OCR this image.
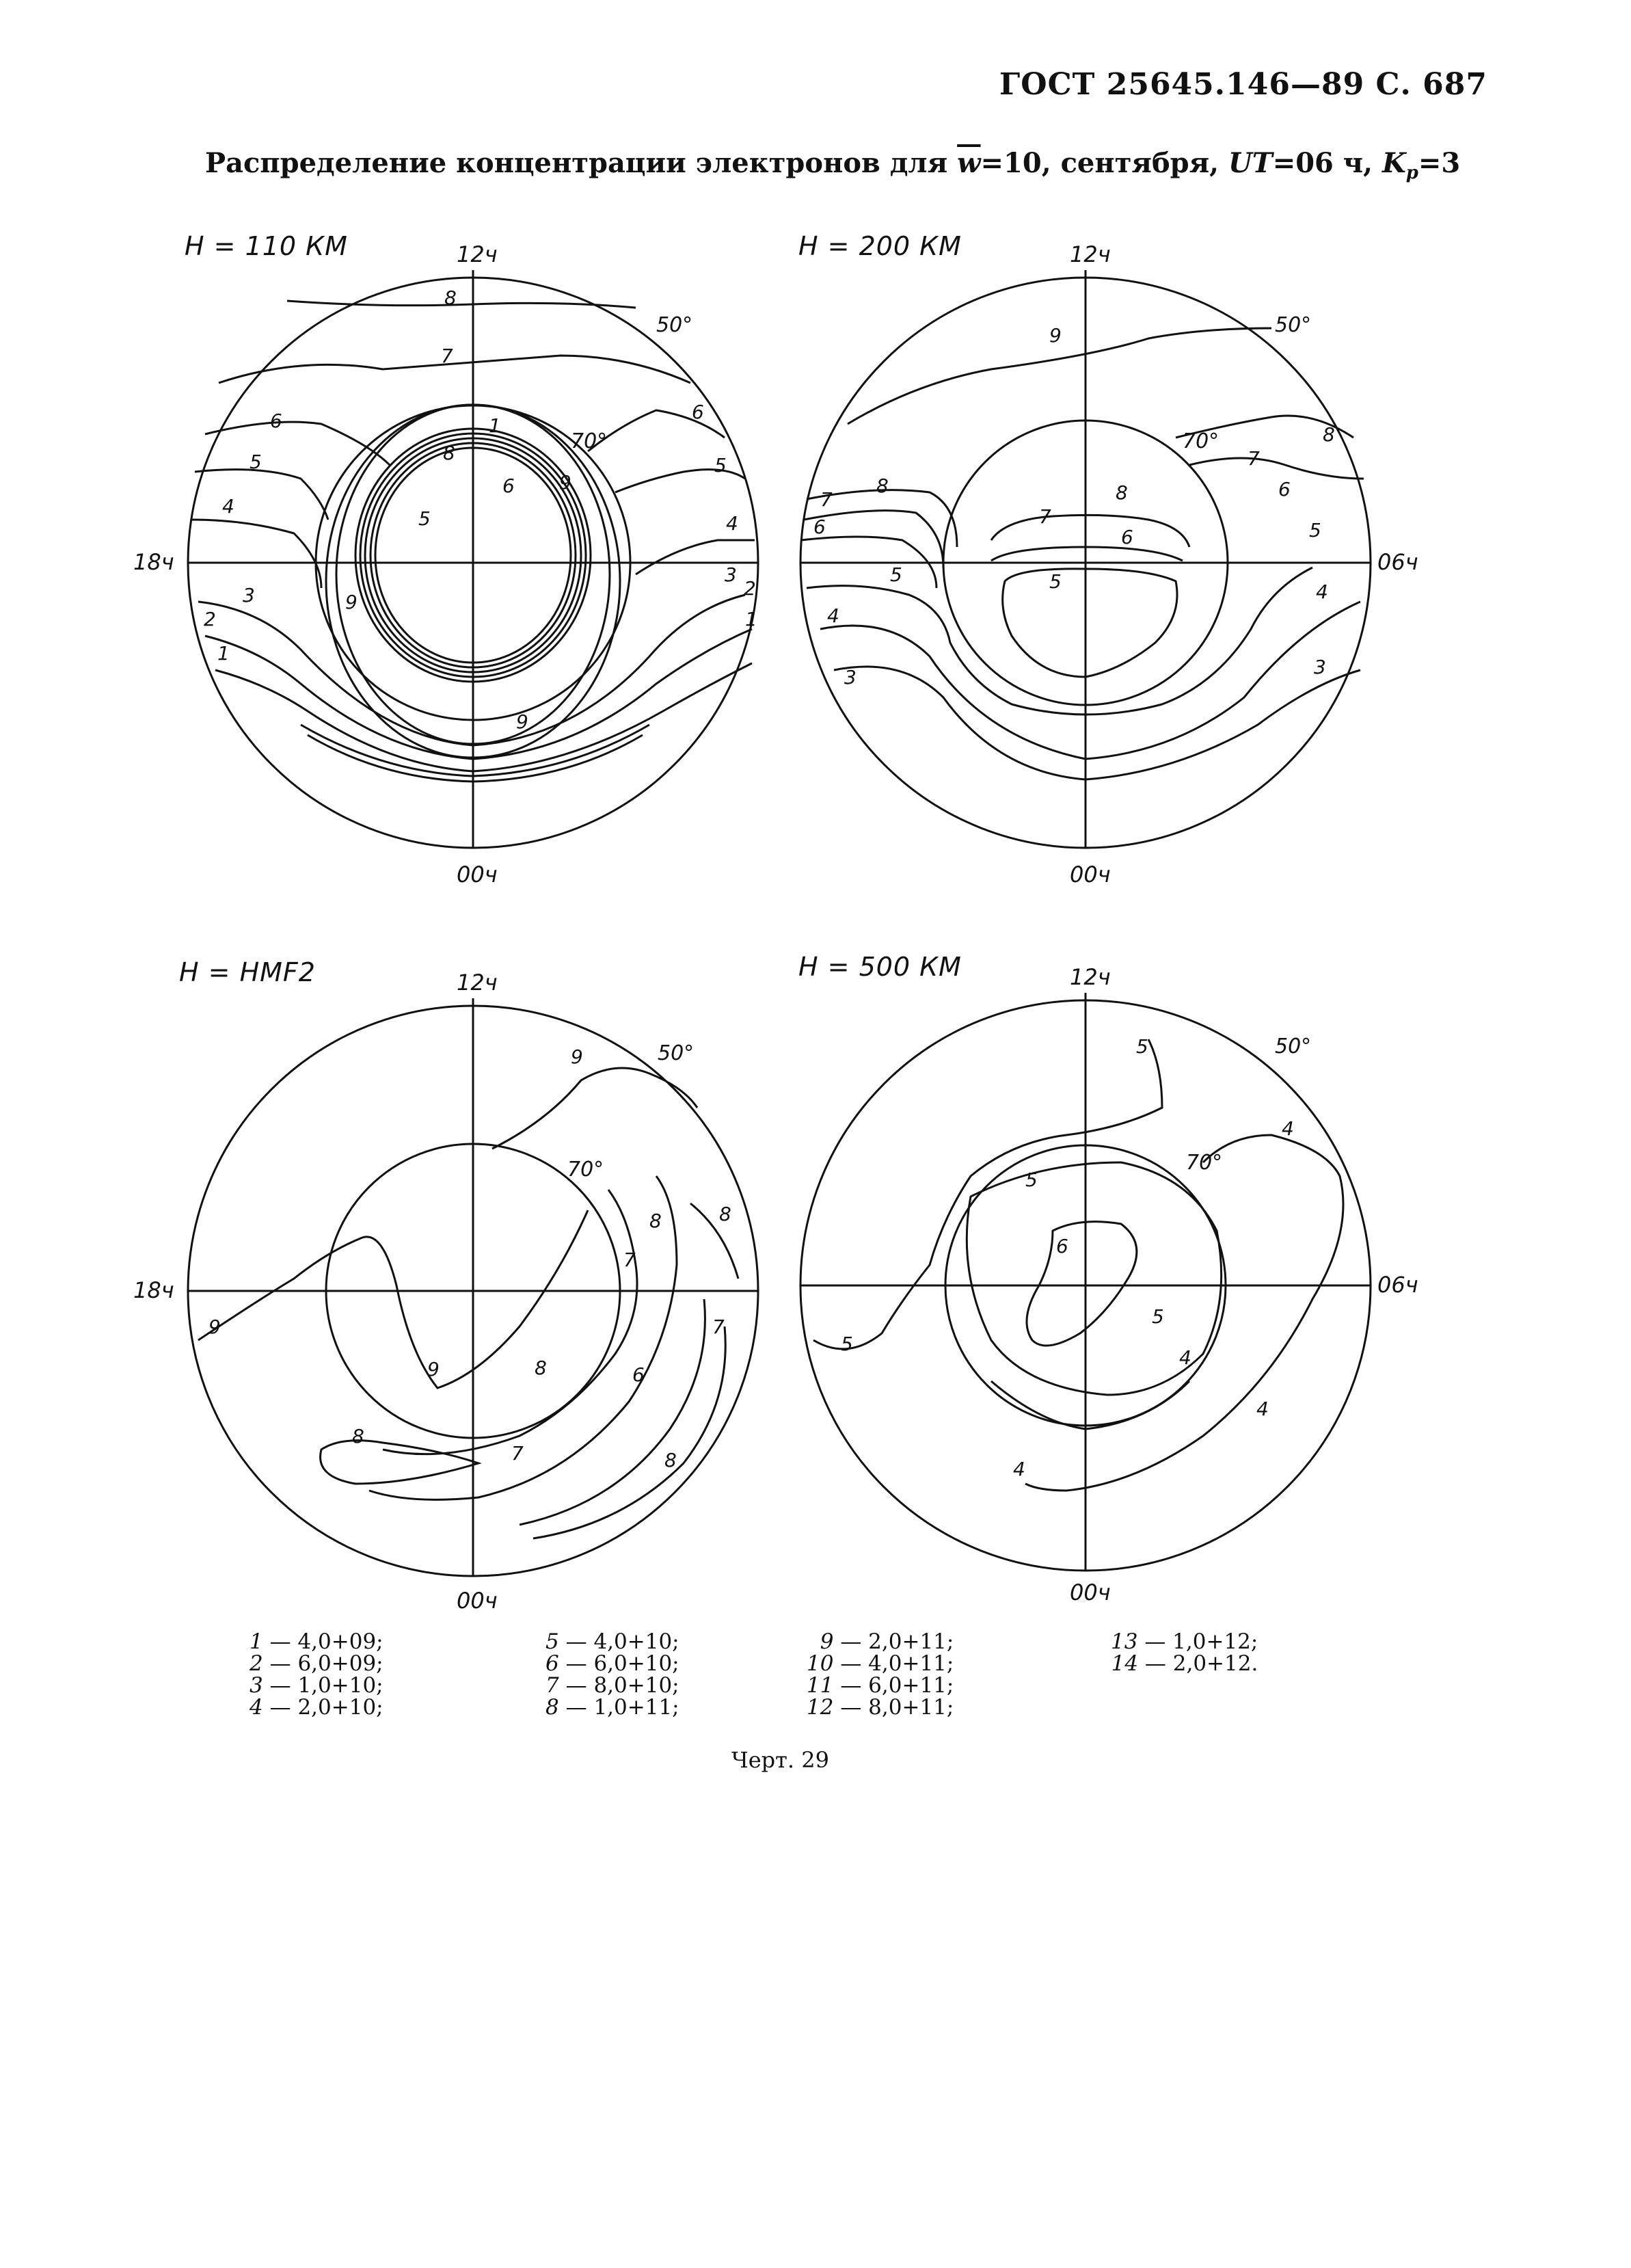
ГОСТ 25645.146—89 С. 687
Распределение концентрации электронов для $\overline{w}=10$, сентября, UT=06 ч, $K_p=3$
H = 110 КМ	H = 200 КМ
H = HMF2	H = 500 КМ
12ч
00ч
18ч
50°
70°
12ч
00ч
06ч
50°
70°
12ч
00ч
18ч
50°
70°
12ч
00ч
06ч
50°
70°
8
7
6
5
4
3
2
1
1
2
3
4
5
6
1
8
6
5
9
9
9
9
8
7
6
5
4
3
8
7
6
5
7
8
6
5
4
3
9
9
8	8
7
7
6
8
9
8
7	8
5
4
5
6
5
4
4
4
5
1 — 4,0+09;
2 — 6,0+09;
3 — 1,0+10;
4 — 2,0+10;
5 — 4,0+10;
6 — 6,0+10;
7 — 8,0+10;
8 — 1,0+11;
9 — 2,0+11;
10 — 4,0+11;
11 — 6,0+11;
12 — 8,0+11;
13 — 1,0+12;
14 — 2,0+12.
Черт. 29
